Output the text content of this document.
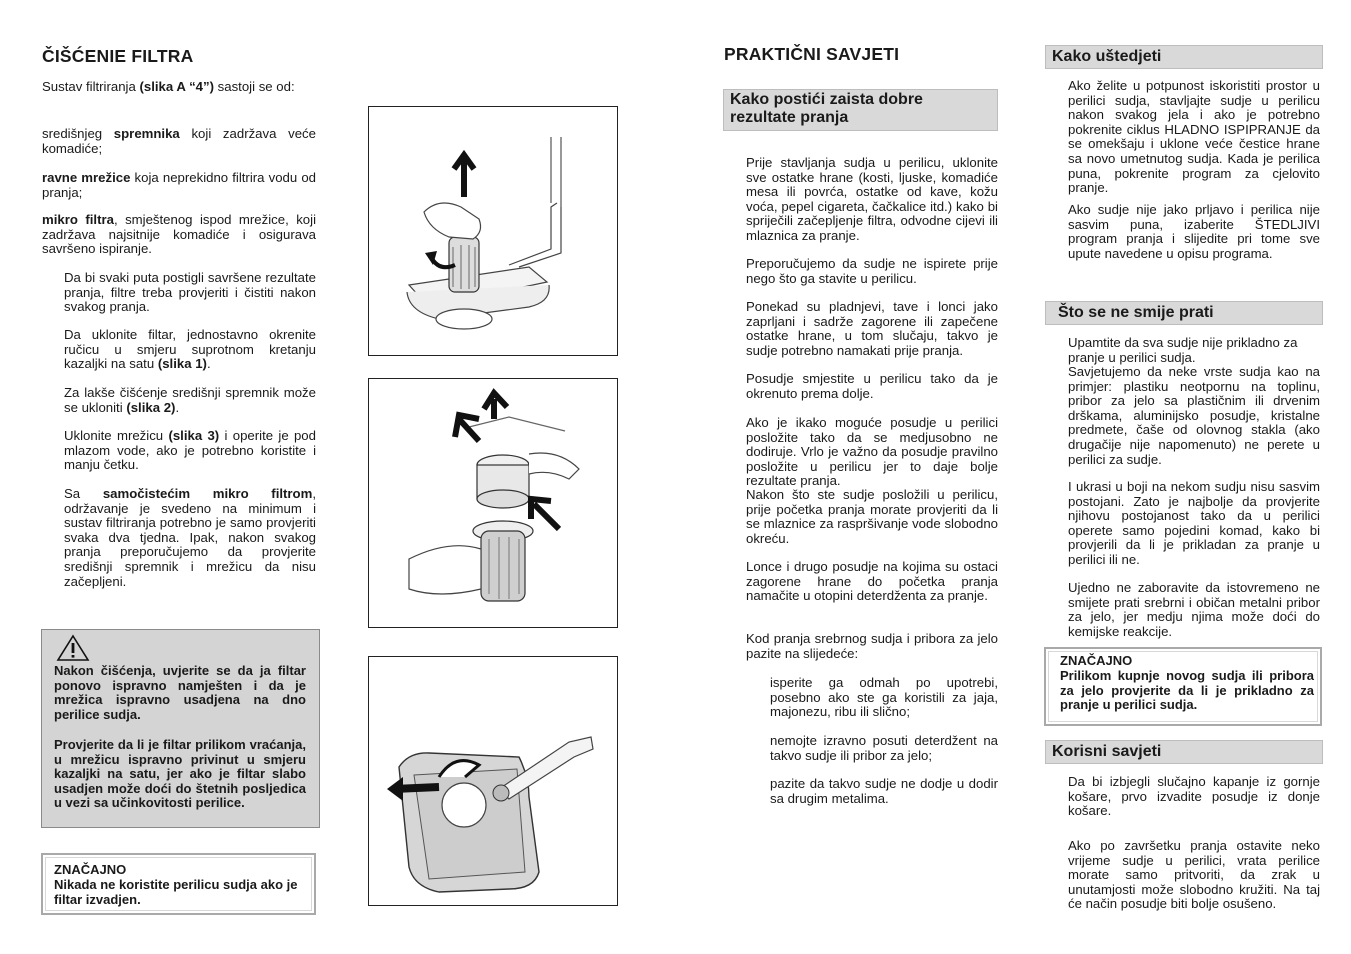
ČIŠĆENIE FILTRA

Sustav filtriranja (slika A “4”) sastoji se od:

središnjeg spremnika koji zadržava veće komadiće;

ravne mrežice koja neprekidno filtrira vodu od pranja;

mikro filtra, smještenog ispod mrežice, koji zadržava najsitnije komadiće i osigurava savršeno ispiranje.

Da bi svaki puta postigli savršene rezultate pranja, filtre treba provjeriti i čistiti nakon svakog pranja.

Da uklonite filtar, jednostavno okrenite ručicu u smjeru suprotnom kretanju kazaljki na satu (slika 1).

Za lakše čišćenje središnji spremnik može se ukloniti (slika 2).

Uklonite mrežicu (slika 3) i operite je pod mlazom vode, ako je potrebno koristite i manju četku.

Sa samočistećim mikro filtrom, održavanje je svedeno na minimum i sustav filtriranja potrebno je samo provjeriti svaka dva tjedna. Ipak, nakon svakog pranja preporučujemo da provjerite središnji spremnik i mrežicu da nisu začepljeni.

Nakon čišćenja, uvjerite se da ja filtar ponovo ispravno namješten i da je mrežica ispravno usadjena na dno perilice sudja.

Provjerite da li je filtar prilikom vraćanja, u mrežicu ispravno privinut u smjeru kazaljki na satu, jer ako je filtar slabo usadjen može doći do štetnih posljedica u vezi sa učinkovitosti perilice.

ZNAČAJNO

Nikada ne koristite perilicu sudja ako je filtar izvadjen.

PRAKTIČNI SAVJETI
Kako postići zaista dobre rezultate pranja

Prije stavljanja sudja u perilicu, uklonite sve ostatke hrane (kosti, ljuske, komadiće mesa ili povrća, ostatke od kave, kožu voća, pepel cigareta, čačkalice itd.) kako bi spriječili začepljenje filtra, odvodne cijevi ili mlaznica za pranje.

Preporučujemo da sudje ne ispirete prije nego što ga stavite u perilicu.

Ponekad su pladnjevi, tave i lonci jako zaprljani i sadrže zagorene ili zapečene ostatke hrane, u tom slučaju, takvo je sudje potrebno namakati prije pranja.

Posudje smjestite u perilicu tako da je okrenuto prema dolje.

Ako je ikako moguće posudje u perilici posložite tako da se medjusobno ne dodiruje. Vrlo je važno da posudje pravilno posložite u perilicu jer to daje bolje rezultate pranja.

Nakon što ste sudje posložili u perilicu, prije početka pranja morate provjeriti da li se mlaznice za raspršivanje vode slobodno okreću.

Lonce i drugo posudje na kojima su ostaci zagorene hrane do početka pranja namačite u otopini deterdženta za pranje.

Kod pranja srebrnog sudja i pribora za jelo pazite na slijedeće:

isperite ga odmah po upotrebi, posebno ako ste ga koristili za jaja, majonezu, ribu ili slično;

nemojte izravno posuti deterdžent na takvo sudje ili pribor za jelo;

pazite da takvo sudje ne dodje u dodir sa drugim metalima.

Kako uštedjeti

Ako želite u potpunost iskoristiti prostor u perilici sudja, stavljajte sudje u perilicu nakon svakog jela i ako je potrebno pokrenite ciklus HLADNO ISPIPRANJE da se omekšaju i uklone veće čestice hrane sa novo umetnutog sudja. Kada je perilica puna, pokrenite program za cjelovito pranje.

Ako sudje nije jako prljavo i perilica nije sasvim puna, izaberite ŠTEDLJIVI program pranja i slijedite pri tome sve upute navedene u opisu programa.

Što se ne smije prati

Upamtite da sva sudje nije prikladno za pranje u perilici sudja.

Savjetujemo da neke vrste sudja kao na primjer: plastiku neotpornu na toplinu, pribor za jelo sa plastičnim ili drvenim drškama, aluminijsko posudje, kristalne predmete, čaše od olovnog stakla (ako drugačije nije napomenuto) ne perete u perilici za sudje.

I ukrasi u boji na nekom sudju nisu sasvim postojani. Zato je najbolje da provjerite njihovu postojanost tako da u perilici operete samo pojedini komad, kako bi provjerili da li je prikladan za pranje u perilici ili ne.

Ujedno ne zaboravite da istovremeno ne smijete prati srebrni i običan metalni pribor za jelo, jer medju njima može doći do kemijske reakcije.

ZNAČAJNO

Prilikom kupnje novog sudja ili pribora za jelo provjerite da li je prikladno za pranje u perilici sudja.

Korisni savjeti

Da bi izbjegli slučajno kapanje iz gornje košare, prvo izvadite posudje iz donje košare.

Ako po završetku pranja ostavite neko vrijeme sudje u perilici, vrata perilice morate samo pritvoriti, da zrak u unutamjosti može slobodno kružiti. Na taj će način posudje biti bolje osušeno.
